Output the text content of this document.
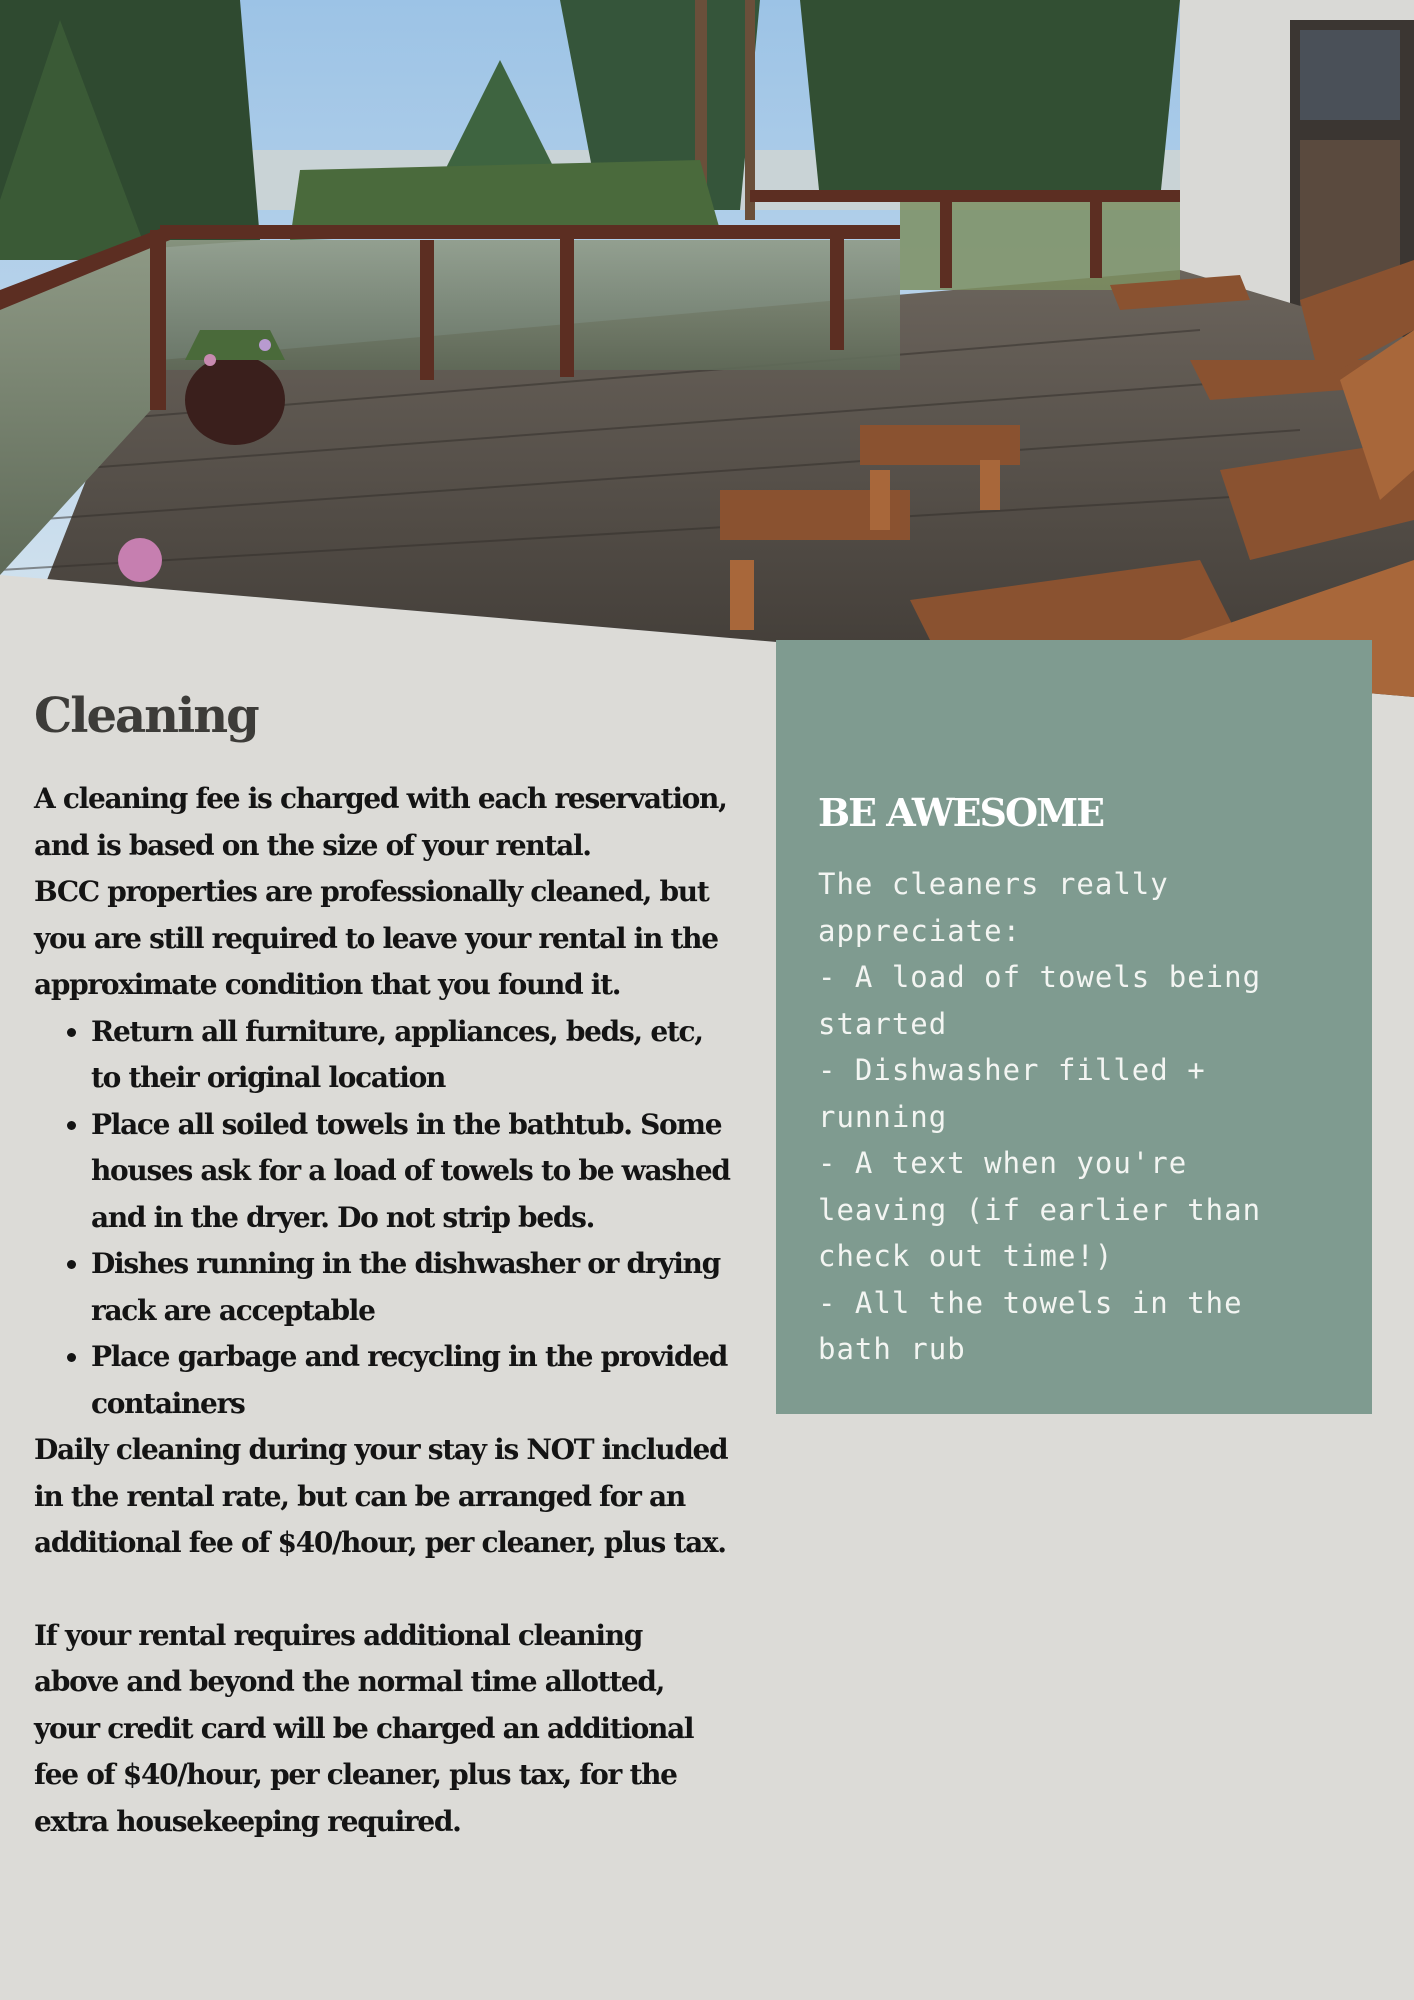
BE AWESOME
The cleaners really appreciate:
- A load of towels being started
- Dishwasher filled + running
- A text when you're leaving (if earlier than check out time!)
- All the towels in the bath rub
Cleaning

A cleaning fee is charged with each reservation, and is based on the size of your rental.

BCC properties are professionally cleaned, but you are still required to leave your rental in the approximate condition that you found it.

• Return all furniture, appliances, beds, etc, to their original location
• Place all soiled towels in the bathtub. Some houses ask for a load of towels to be washed and in the dryer. Do not strip beds.
• Dishes running in the dishwasher or drying rack are acceptable
• Place garbage and recycling in the provided containers

Daily cleaning during your stay is NOT included in the rental rate, but can be arranged for an additional fee of $40/hour, per cleaner, plus tax.

If your rental requires additional cleaning above and beyond the normal time allotted, your credit card will be charged an additional fee of $40/hour, per cleaner, plus tax, for the extra housekeeping required.
